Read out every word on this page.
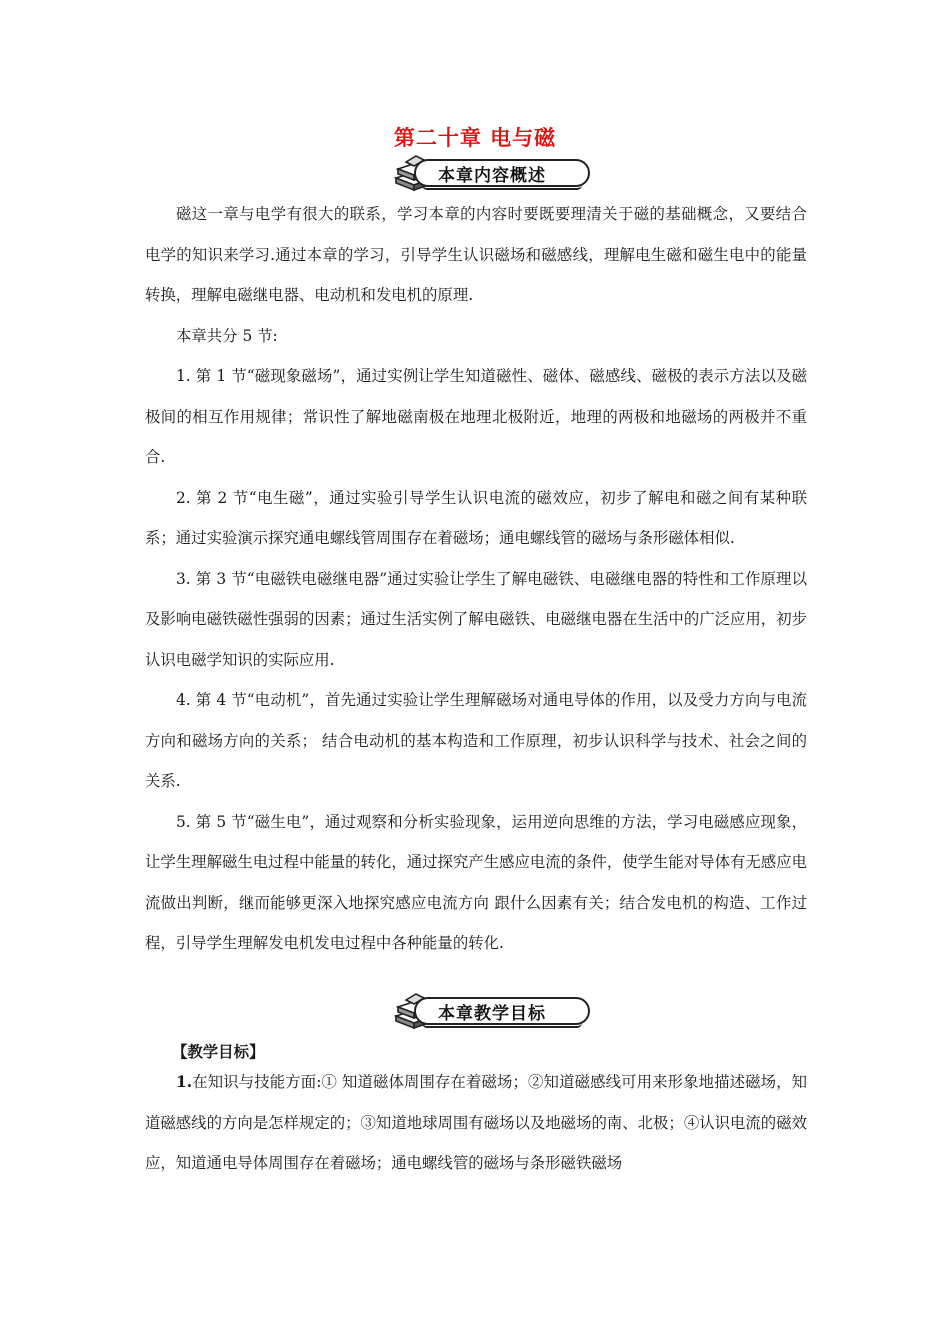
第二十章 电与磁
本章内容概述

磁这一章与电学有很大的联系，学习本章的内容时要既要理清关于磁的基础概念，又要结合电学的知识来学习.通过本章的学习，引导学生认识磁场和磁感线，理解电生磁和磁生电中的能量转换，理解电磁继电器、电动机和发电机的原理.

本章共分 5 节:

1. 第 1 节“磁现象磁场”，通过实例让学生知道磁性、磁体、磁感线、磁极的表示方法以及磁极间的相互作用规律；常识性了解地磁南极在地理北极附近，地理的两极和地磁场的两极并不重合.

2. 第 2 节“电生磁”，通过实验引导学生认识电流的磁效应，初步了解电和磁之间有某种联系；通过实验演示探究通电螺线管周围存在着磁场；通电螺线管的磁场与条形磁体相似.

3. 第 3 节“电磁铁电磁继电器”通过实验让学生了解电磁铁、电磁继电器的特性和工作原理以及影响电磁铁磁性强弱的因素；通过生活实例了解电磁铁、电磁继电器在生活中的广泛应用，初步认识电磁学知识的实际应用.

4. 第 4 节“电动机”，首先通过实验让学生理解磁场对通电导体的作用，以及受力方向与电流方向和磁场方向的关系； 结合电动机的基本构造和工作原理，初步认识科学与技术、社会之间的关系.

5. 第 5 节“磁生电”，通过观察和分析实验现象，运用逆向思维的方法，学习电磁感应现象，让学生理解磁生电过程中能量的转化，通过探究产生感应电流的条件，使学生能对导体有无感应电流做出判断，继而能够更深入地探究感应电流方向 跟什么因素有关；结合发电机的构造、工作过程，引导学生理解发电机发电过程中各种能量的转化.

本章教学目标
【教学目标】

1.在知识与技能方面:① 知道磁体周围存在着磁场；②知道磁感线可用来形象地描述磁场，知道磁感线的方向是怎样规定的；③知道地球周围有磁场以及地磁场的南、北极；④认识电流的磁效应，知道通电导体周围存在着磁场；通电螺线管的磁场与条形磁铁磁场
